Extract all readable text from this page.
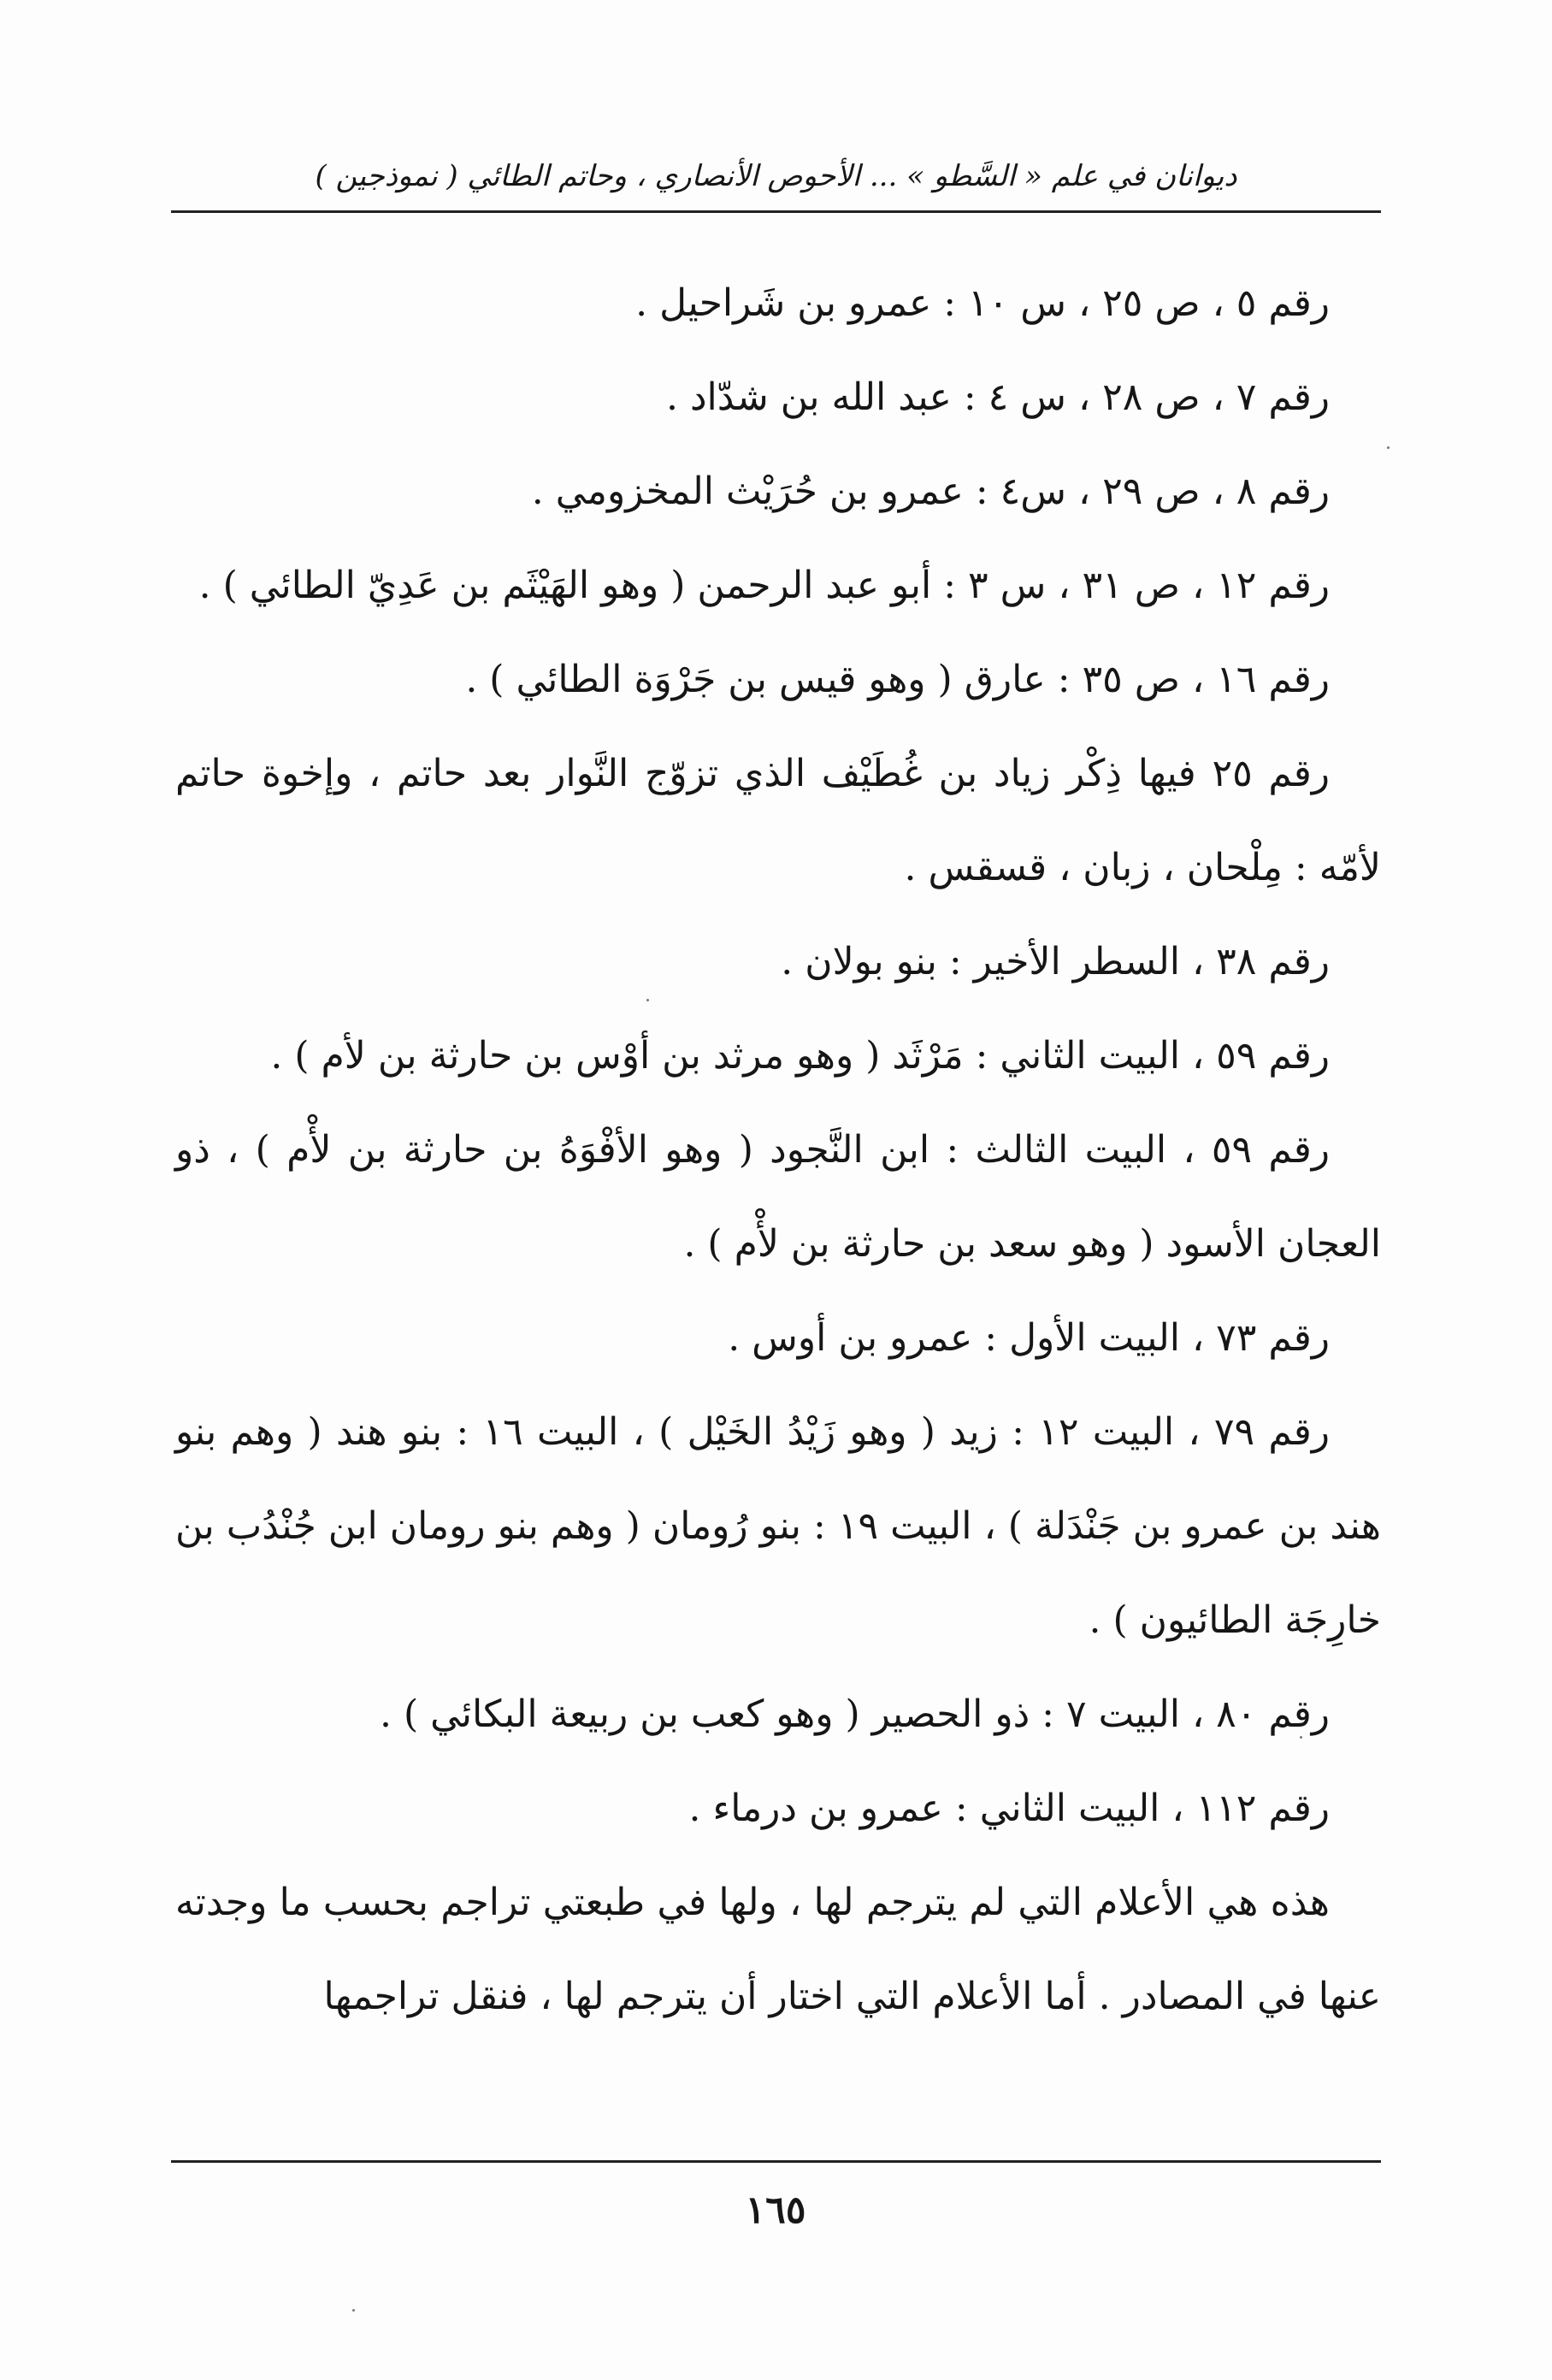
ديوانان في علم « السَّطو » ... الأحوص الأنصاري ، وحاتم الطائي ( نموذجين )

رقم ٥ ، ص ٢٥ ، س ١٠ : عمرو بن شَراحيل .

رقم ٧ ، ص ٢٨ ، س ٤ : عبد الله بن شدّاد .

رقم ٨ ، ص ٢٩ ، س٤ : عمرو بن حُرَيْث المخزومي .

رقم ١٢ ، ص ٣١ ، س ٣ : أبو عبد الرحمن ( وهو الهَيْثَم بن عَدِيّ الطائي ) .

رقم ١٦ ، ص ٣٥ : عارق ( وهو قيس بن جَرْوَة الطائي ) .

رقم ٢٥ فيها ذِكْر زياد بن غُطَيْف الذي تزوّج النَّوار بعد حاتم ، وإخوة حاتم لأمّه : مِلْحان ، زبان ، قسقس .

رقم ٣٨ ، السطر الأخير : بنو بولان .

رقم ٥٩ ، البيت الثاني : مَرْثَد ( وهو مرثد بن أوْس بن حارثة بن لأم ) .

رقم ٥٩ ، البيت الثالث : ابن النَّجود ( وهو الأفْوَهُ بن حارثة بن لأْم ) ، ذو العجان الأسود ( وهو سعد بن حارثة بن لأْم ) .

رقم ٧٣ ، البيت الأول : عمرو بن أوس .

رقم ٧٩ ، البيت ١٢ : زيد ( وهو زَيْدُ الخَيْل ) ، البيت ١٦ : بنو هند ( وهم بنو هند بن عمرو بن جَنْدَلة ) ، البيت ١٩ : بنو رُومان ( وهم بنو رومان ابن جُنْدُب بن خارِجَة الطائيون ) .

رقم ٨٠ ، البيت ٧ : ذو الحصير ( وهو كعب بن ربيعة البكائي ) .

رقم ١١٢ ، البيت الثاني : عمرو بن درماء .

هذه هي الأعلام التي لم يترجم لها ، ولها في طبعتي تراجم بحسب ما وجدته عنها في المصادر . أما الأعلام التي اختار أن يترجم لها ، فنقل تراجمها

١٦٥
